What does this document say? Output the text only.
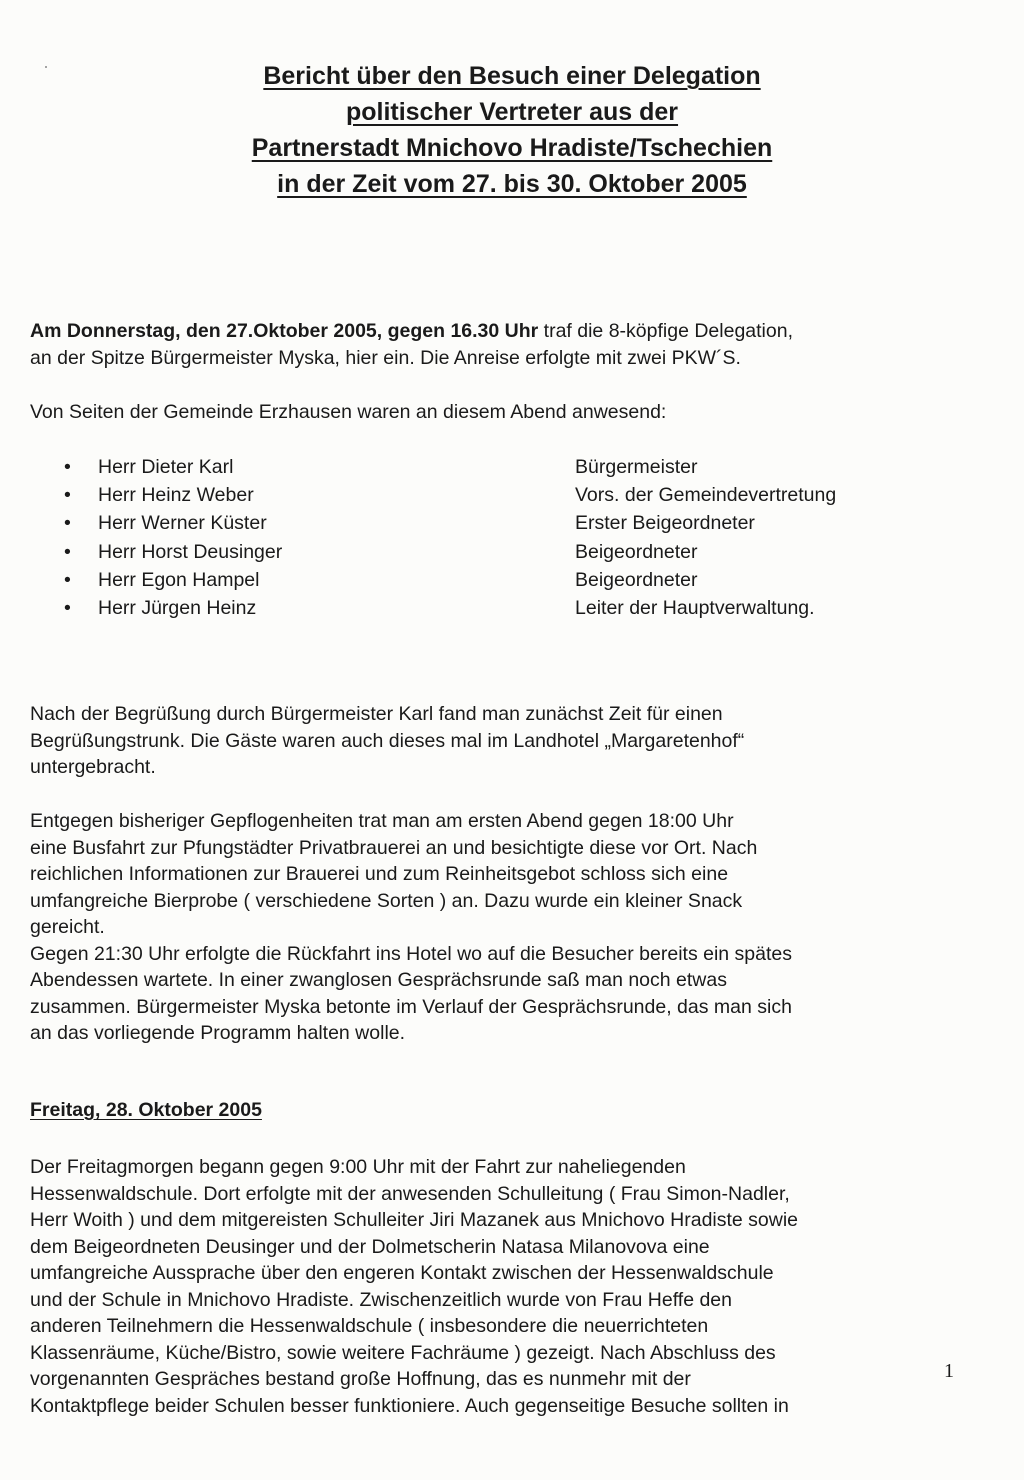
Bericht über den Besuch einer Delegation
politischer Vertreter aus der
Partnerstadt Mnichovo Hradiste/Tschechien
in der Zeit vom 27. bis 30. Oktober 2005
Am Donnerstag, den 27.Oktober 2005, gegen 16.30 Uhr traf die 8-köpfige Delegation,
an der Spitze Bürgermeister Myska, hier ein. Die Anreise erfolgte mit zwei PKW´S.
Von Seiten der Gemeinde Erzhausen waren an diesem Abend anwesend:
• Herr Dieter Karl	Bürgermeister
• Herr Heinz Weber	Vors. der Gemeindevertretung
• Herr Werner Küster	Erster Beigeordneter
• Herr Horst Deusinger	Beigeordneter
• Herr Egon Hampel	Beigeordneter
• Herr Jürgen Heinz	Leiter der Hauptverwaltung.
Nach der Begrüßung durch Bürgermeister Karl fand man zunächst Zeit für einen
Begrüßungstrunk. Die Gäste waren auch dieses mal im Landhotel „Margaretenhof“
untergebracht.
Entgegen bisheriger Gepflogenheiten trat man am ersten Abend gegen 18:00 Uhr
eine Busfahrt zur Pfungstädter Privatbrauerei an und besichtigte diese vor Ort. Nach
reichlichen Informationen zur Brauerei und zum Reinheitsgebot schloss sich eine
umfangreiche Bierprobe ( verschiedene Sorten ) an. Dazu wurde ein kleiner Snack
gereicht.
Gegen 21:30 Uhr erfolgte die Rückfahrt ins Hotel wo auf die Besucher bereits ein spätes
Abendessen wartete. In einer zwanglosen Gesprächsrunde saß man noch etwas
zusammen. Bürgermeister Myska betonte im Verlauf der Gesprächsrunde, das man sich
an das vorliegende Programm halten wolle.
Freitag, 28. Oktober 2005
Der Freitagmorgen begann gegen 9:00 Uhr mit der Fahrt zur naheliegenden
Hessenwaldschule. Dort erfolgte mit der anwesenden Schulleitung ( Frau Simon-Nadler,
Herr Woith ) und dem mitgereisten Schulleiter Jiri Mazanek aus Mnichovo Hradiste sowie
dem Beigeordneten Deusinger und der Dolmetscherin Natasa Milanovova eine
umfangreiche Aussprache über den engeren Kontakt zwischen der Hessenwaldschule
und der Schule in Mnichovo Hradiste. Zwischenzeitlich wurde von Frau Heffe den
anderen Teilnehmern die Hessenwaldschule ( insbesondere die neuerrichteten
Klassenräume, Küche/Bistro, sowie weitere Fachräume ) gezeigt. Nach Abschluss des
vorgenannten Gespräches bestand große Hoffnung, das es nunmehr mit der
Kontaktpflege beider Schulen besser funktioniere. Auch gegenseitige Besuche sollten in
1
